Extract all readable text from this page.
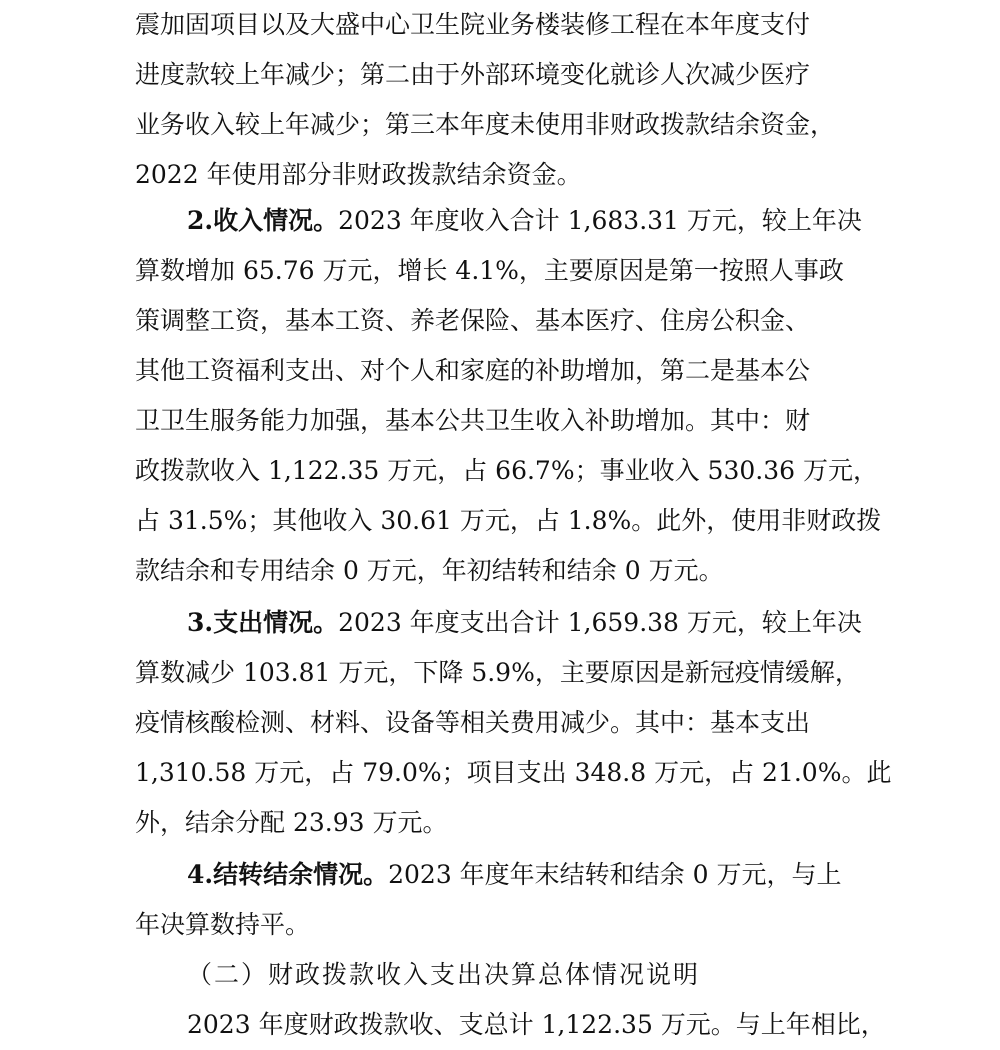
震加固项目以及大盛中心卫生院业务楼装修工程在本年度支付
进度款较上年减少；第二由于外部环境变化就诊人次减少医疗
业务收入较上年减少；第三本年度未使用非财政拨款结余资金，
2022 年使用部分非财政拨款结余资金。
2.收入情况。2023 年度收入合计 1,683.31 万元，较上年决
算数增加 65.76 万元，增长 4.1%，主要原因是第一按照人事政
策调整工资，基本工资、养老保险、基本医疗、住房公积金、
其他工资福利支出、对个人和家庭的补助增加，第二是基本公
卫卫生服务能力加强，基本公共卫生收入补助增加。其中：财
政拨款收入 1,122.35 万元，占 66.7%；事业收入 530.36 万元，
占 31.5%；其他收入 30.61 万元，占 1.8%。此外，使用非财政拨
款结余和专用结余 0 万元，年初结转和结余 0 万元。
3.支出情况。2023 年度支出合计 1,659.38 万元，较上年决
算数减少 103.81 万元，下降 5.9%，主要原因是新冠疫情缓解，
疫情核酸检测、材料、设备等相关费用减少。其中：基本支出
1,310.58 万元，占 79.0%；项目支出 348.8 万元，占 21.0%。此
外，结余分配 23.93 万元。
4.结转结余情况。2023 年度年末结转和结余 0 万元，与上
年决算数持平。
（二）财政拨款收入支出决算总体情况说明
2023 年度财政拨款收、支总计 1,122.35 万元。与上年相比，
